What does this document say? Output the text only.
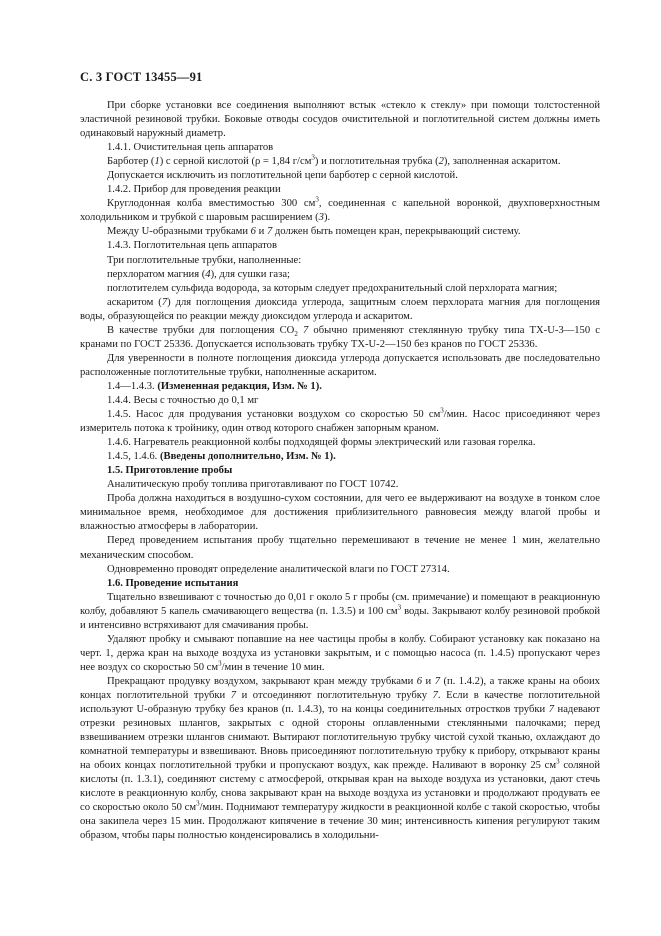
С. 3 ГОСТ 13455—91

При сборке установки все соединения выполняют встык «стекло к стеклу» при помощи толстостенной эластичной резиновой трубки. Боковые отводы сосудов очистительной и поглотительной систем должны иметь одинаковый наружный диаметр.

1.4.1. Очистительная цепь аппаратов

Барботер (1) с серной кислотой (ρ = 1,84 $г/см^3$) и поглотительная трубка (2), заполненная аскаритом.

Допускается исключить из поглотительной цепи барботер с серной кислотой.

1.4.2. Прибор для проведения реакции

Круглодонная колба вместимостью 300 $см^3$, соединенная с капельной воронкой, двухповерхностным холодильником и трубкой с шаровым расширением (3).

Между U-образными трубками 6 и 7 должен быть помещен кран, перекрывающий систему.

1.4.3. Поглотительная цепь аппаратов

Три поглотительные трубки, наполненные:

перхлоратом магния (4), для сушки газа;

поглотителем сульфида водорода, за которым следует предохранительный слой перхлората магния;

аскаритом (7) для поглощения диоксида углерода, защитным слоем перхлората магния для поглощения воды, образующейся по реакции между диоксидом углерода и аскаритом.

В качестве трубки для поглощения $CO_2$ 7 обычно применяют стеклянную трубку типа ТХ-U-3—150 с кранами по ГОСТ 25336. Допускается использовать трубку ТХ-U-2—150 без кранов по ГОСТ 25336.

Для уверенности в полноте поглощения диоксида углерода допускается использовать две последовательно расположенные поглотительные трубки, наполненные аскаритом.

1.4—1.4.3. (Измененная редакция, Изм. № 1).

1.4.4. Весы с точностью до 0,1 мг

1.4.5. Насос для продувания установки воздухом со скоростью 50 $см^3$/мин. Насос присоединяют через измеритель потока к тройнику, один отвод которого снабжен запорным краном.

1.4.6. Нагреватель реакционной колбы подходящей формы электрический или газовая горелка.

1.4.5, 1.4.6. (Введены дополнительно, Изм. № 1).

1.5. Приготовление пробы

Аналитическую пробу топлива приготавливают по ГОСТ 10742.

Проба должна находиться в воздушно-сухом состоянии, для чего ее выдерживают на воздухе в тонком слое минимальное время, необходимое для достижения приблизительного равновесия между влагой пробы и влажностью атмосферы в лаборатории.

Перед проведением испытания пробу тщательно перемешивают в течение не менее 1 мин, желательно механическим способом.

Одновременно проводят определение аналитической влаги по ГОСТ 27314.

1.6. Проведение испытания

Тщательно взвешивают с точностью до 0,01 г около 5 г пробы (см. примечание) и помещают в реакционную колбу, добавляют 5 капель смачивающего вещества (п. 1.3.5) и 100 $см^3$ воды. Закрывают колбу резиновой пробкой и интенсивно встряхивают для смачивания пробы.

Удаляют пробку и смывают попавшие на нее частицы пробы в колбу. Собирают установку как показано на черт. 1, держа кран на выходе воздуха из установки закрытым, и с помощью насоса (п. 1.4.5) пропускают через нее воздух со скоростью 50 $см^3$/мин в течение 10 мин.

Прекращают продувку воздухом, закрывают кран между трубками 6 и 7 (п. 1.4.2), а также краны на обоих концах поглотительной трубки 7 и отсоединяют поглотительную трубку 7. Если в качестве поглотительной используют U-образную трубку без кранов (п. 1.4.3), то на концы соединительных отростков трубки 7 надевают отрезки резиновых шлангов, закрытых с одной стороны оплавленными стеклянными палочками; перед взвешиванием отрезки шлангов снимают. Вытирают поглотительную трубку чистой сухой тканью, охлаждают до комнатной температуры и взвешивают. Вновь присоединяют поглотительную трубку к прибору, открывают краны на обоих концах поглотительной трубки и пропускают воздух, как прежде. Наливают в воронку 25 $см^3$ соляной кислоты (п. 1.3.1), соединяют систему с атмосферой, открывая кран на выходе воздуха из установки, дают стечь кислоте в реакционную колбу, снова закрывают кран на выходе воздуха из установки и продолжают продувать ее со скоростью около 50 $см^3$/мин. Поднимают температуру жидкости в реакционной колбе с такой скоростью, чтобы она закипела через 15 мин. Продолжают кипячение в течение 30 мин; интенсивность кипения регулируют таким образом, чтобы пары полностью конденсировались в холодильни-
